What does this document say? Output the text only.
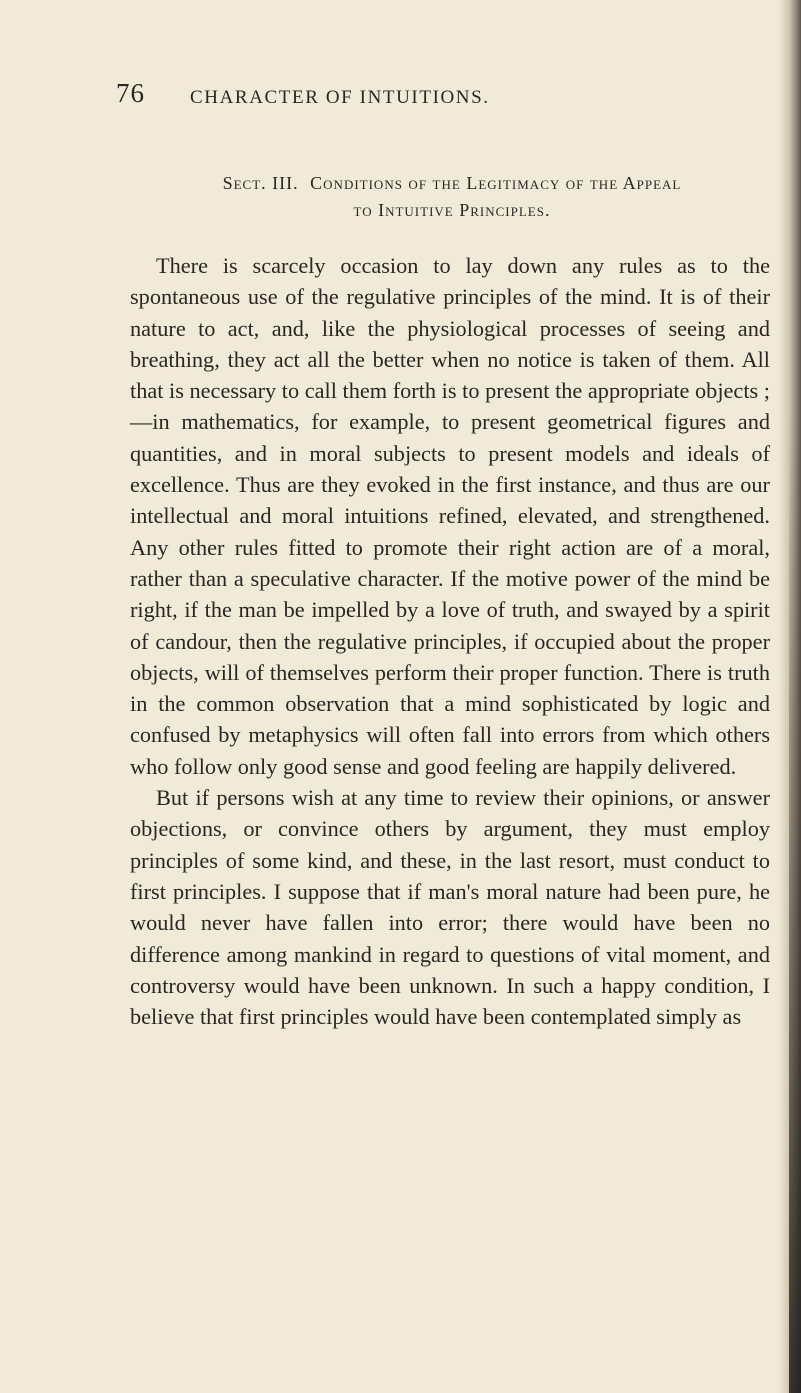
76 CHARACTER OF INTUITIONS.
Sect. III. Conditions of the Legitimacy of the Appeal
to Intuitive Principles.

There is scarcely occasion to lay down any rules as to the spontaneous use of the regulative principles of the mind. It is of their nature to act, and, like the physiological processes of seeing and breathing, they act all the better when no notice is taken of them. All that is necessary to call them forth is to present the appropriate objects ;—in mathematics, for example, to present geometrical figures and quantities, and in moral subjects to present models and ideals of excellence. Thus are they evoked in the first instance, and thus are our intellectual and moral intuitions refined, elevated, and strengthened. Any other rules fitted to promote their right action are of a moral, rather than a speculative character. If the motive power of the mind be right, if the man be impelled by a love of truth, and swayed by a spirit of candour, then the regulative principles, if occupied about the proper objects, will of themselves perform their proper function. There is truth in the common observation that a mind sophisticated by logic and confused by metaphysics will often fall into errors from which others who follow only good sense and good feeling are happily delivered.

But if persons wish at any time to review their opinions, or answer objections, or convince others by argument, they must employ principles of some kind, and these, in the last resort, must conduct to first principles. I suppose that if man's moral nature had been pure, he would never have fallen into error; there would have been no difference among mankind in regard to questions of vital moment, and controversy would have been unknown. In such a happy condition, I believe that first principles would have been contemplated simply as
